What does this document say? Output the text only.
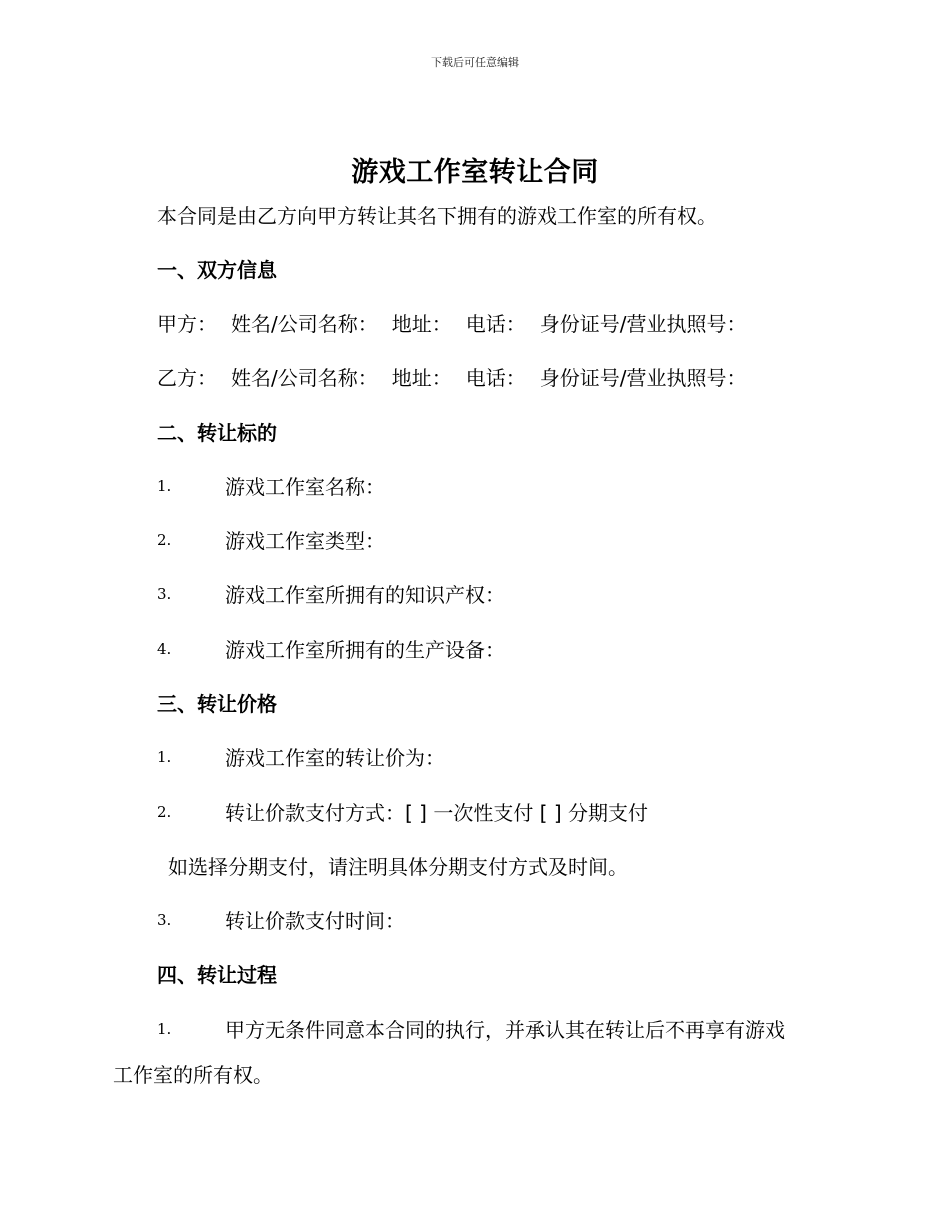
下载后可任意编辑
游戏工作室转让合同
本合同是由乙方向甲方转让其名下拥有的游戏工作室的所有权。
一、双方信息
甲方： 姓名/公司名称： 地址： 电话： 身份证号/营业执照号：
乙方： 姓名/公司名称： 地址： 电话： 身份证号/营业执照号：
二、转让标的
1.	游戏工作室名称：
2.	游戏工作室类型：
3.	游戏工作室所拥有的知识产权：
4.	游戏工作室所拥有的生产设备：
三、转让价格
1.	游戏工作室的转让价为：
2.	转让价款支付方式：[ ] 一次性支付 [ ] 分期支付
如选择分期支付，请注明具体分期支付方式及时间。
3.	转让价款支付时间：
四、转让过程
1.	甲方无条件同意本合同的执行，并承认其在转让后不再享有游戏
工作室的所有权。
